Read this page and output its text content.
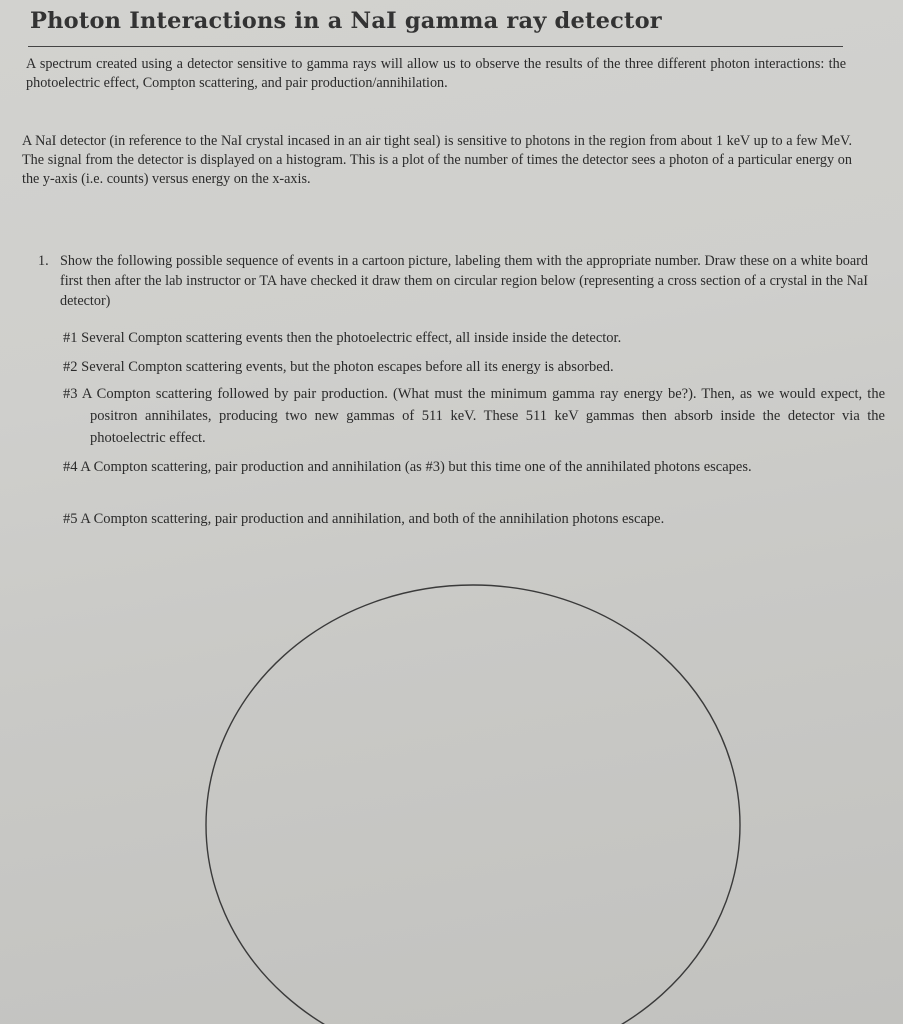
Photon Interactions in a NaI gamma ray detector

A spectrum created using a detector sensitive to gamma rays will allow us to observe the results of the three different photon interactions: the photoelectric effect, Compton scattering, and pair production/annihilation.

A NaI detector (in reference to the NaI crystal incased in an air tight seal) is sensitive to photons in the region from about 1 keV up to a few MeV. The signal from the detector is displayed on a histogram. This is a plot of the number of times the detector sees a photon of a particular energy on the y-axis (i.e. counts) versus energy on the x-axis.

1. Show the following possible sequence of events in a cartoon picture, labeling them with the appropriate number. Draw these on a white board first then after the lab instructor or TA have checked it draw them on circular region below (representing a cross section of a crystal in the NaI detector)

#1 Several Compton scattering events then the photoelectric effect, all inside inside the detector.

#2 Several Compton scattering events, but the photon escapes before all its energy is absorbed.

#3 A Compton scattering followed by pair production. (What must the minimum gamma ray energy be?). Then, as we would expect, the positron annihilates, producing two new gammas of 511 keV. These 511 keV gammas then absorb inside the detector via the photoelectric effect.

#4 A Compton scattering, pair production and annihilation (as #3) but this time one of the annihilated photons escapes.

#5 A Compton scattering, pair production and annihilation, and both of the annihilation photons escape.
